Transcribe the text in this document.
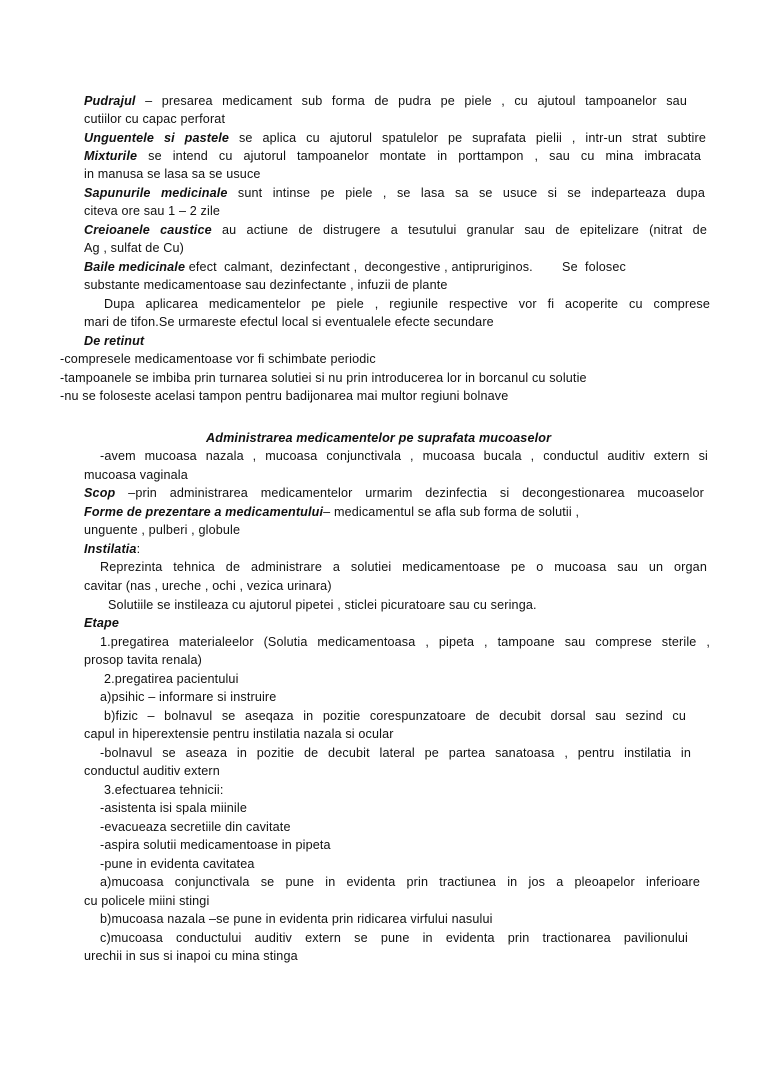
Pudrajul – presarea medicament sub forma de pudra pe piele , cu ajutoul tampoanelor sau
cutiilor cu capac perforat
Unguentele si pastele se aplica cu ajutorul spatulelor pe suprafata pielii , intr-un strat subtire
Mixturile se intend cu ajutorul tampoanelor montate in porttampon , sau cu mina imbracata
in manusa se lasa sa se usuce
Sapunurile medicinale sunt intinse pe piele , se lasa sa se usuce si se indeparteaza dupa
citeva ore sau 1 – 2 zile
Creioanele caustice au actiune de distrugere a tesutului granular sau de epitelizare (nitrat de
Ag , sulfat de Cu)
Baile medicinale efect  calmant,  dezinfectant ,  decongestive , antipruriginos.        Se  folosec
substante medicamentoase sau dezinfectante , infuzii de plante
Dupa aplicarea medicamentelor pe piele , regiunile respective vor fi acoperite cu comprese
mari de tifon.Se urmareste efectul local si eventualele efecte secundare
De retinut
-compresele medicamentoase vor fi schimbate periodic
-tampoanele se imbiba prin turnarea solutiei si nu prin introducerea lor in borcanul cu solutie
-nu se foloseste acelasi tampon pentru badijonarea mai multor regiuni bolnave
Administrarea medicamentelor pe suprafata mucoaselor
-avem mucoasa nazala , mucoasa conjunctivala , mucoasa bucala , conductul auditiv extern si
mucoasa vaginala
Scop –prin administrarea medicamentelor urmarim dezinfectia si decongestionarea mucoaselor
Forme de prezentare a medicamentului– medicamentul se afla sub forma de solutii ,
unguente , pulberi , globule
Instilatia:
Reprezinta tehnica de administrare a solutiei medicamentoase pe o mucoasa sau un organ
cavitar (nas , ureche , ochi , vezica urinara)
Solutiile se instileaza cu ajutorul pipetei , sticlei picuratoare sau cu seringa.
Etape
1.pregatirea materialeelor (Solutia medicamentoasa , pipeta , tampoane sau comprese sterile ,
prosop tavita renala)
2.pregatirea pacientului
a)psihic – informare si instruire
b)fizic – bolnavul se aseqaza in pozitie corespunzatoare de decubit dorsal sau sezind cu
capul in hiperextensie pentru instilatia nazala si ocular
-bolnavul se aseaza in pozitie de decubit lateral pe partea sanatoasa , pentru instilatia in
conductul auditiv extern
3.efectuarea tehnicii:
-asistenta isi spala miinile
-evacueaza secretiile din cavitate
-aspira solutii medicamentoase in pipeta
-pune in evidenta cavitatea
a)mucoasa conjunctivala se pune in evidenta prin tractiunea in jos a pleoapelor inferioare
cu policele miini stingi
b)mucoasa nazala –se pune in evidenta prin ridicarea virfului nasului
c)mucoasa conductului auditiv extern se pune in evidenta prin tractionarea pavilionului
urechii in sus si inapoi cu mina stinga
